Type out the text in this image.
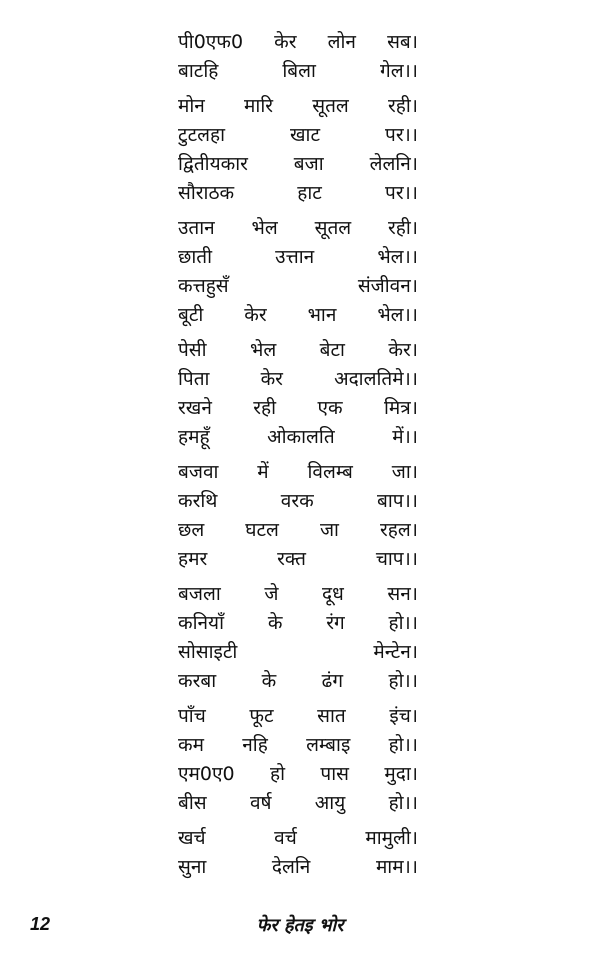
पी0एफ0 केर लोन सब।
बाटहि	बिला	गेल।।
मोन मारि सूतल रही।
टुटलहा	खाट	पर।।
द्वितीयकार बजा लेलनि।
सौराठक	हाट	पर।।
उतान भेल सूतल रही।
छाती	उत्तान	भेल।।
कत्तहुसँ	संजीवन।
बूटी केर भान भेल।।
पेसी भेल बेटा केर।
पिता	केर	अदालतिमे।।
रखने रही एक मित्र।
हमहूँ	ओकालति	में।।
बजवा में विलम्ब जा।
करथि	वरक	बाप।।
छल घटल जा रहल।
हमर	रक्त	चाप।।
बजला जे दूध सन।
कनियाँ के रंग हो।।
सोसाइटी	मेन्टेन।
करबा के ढंग हो।।
पाँच फूट सात इंच।
कम नहि लम्बाइ हो।।
एम0ए0 हो पास मुदा।
बीस वर्ष आयु हो।।
खर्च	वर्च	मामुली।
सुना	देलनि	माम।।
12	फेर हेतइ भोर
